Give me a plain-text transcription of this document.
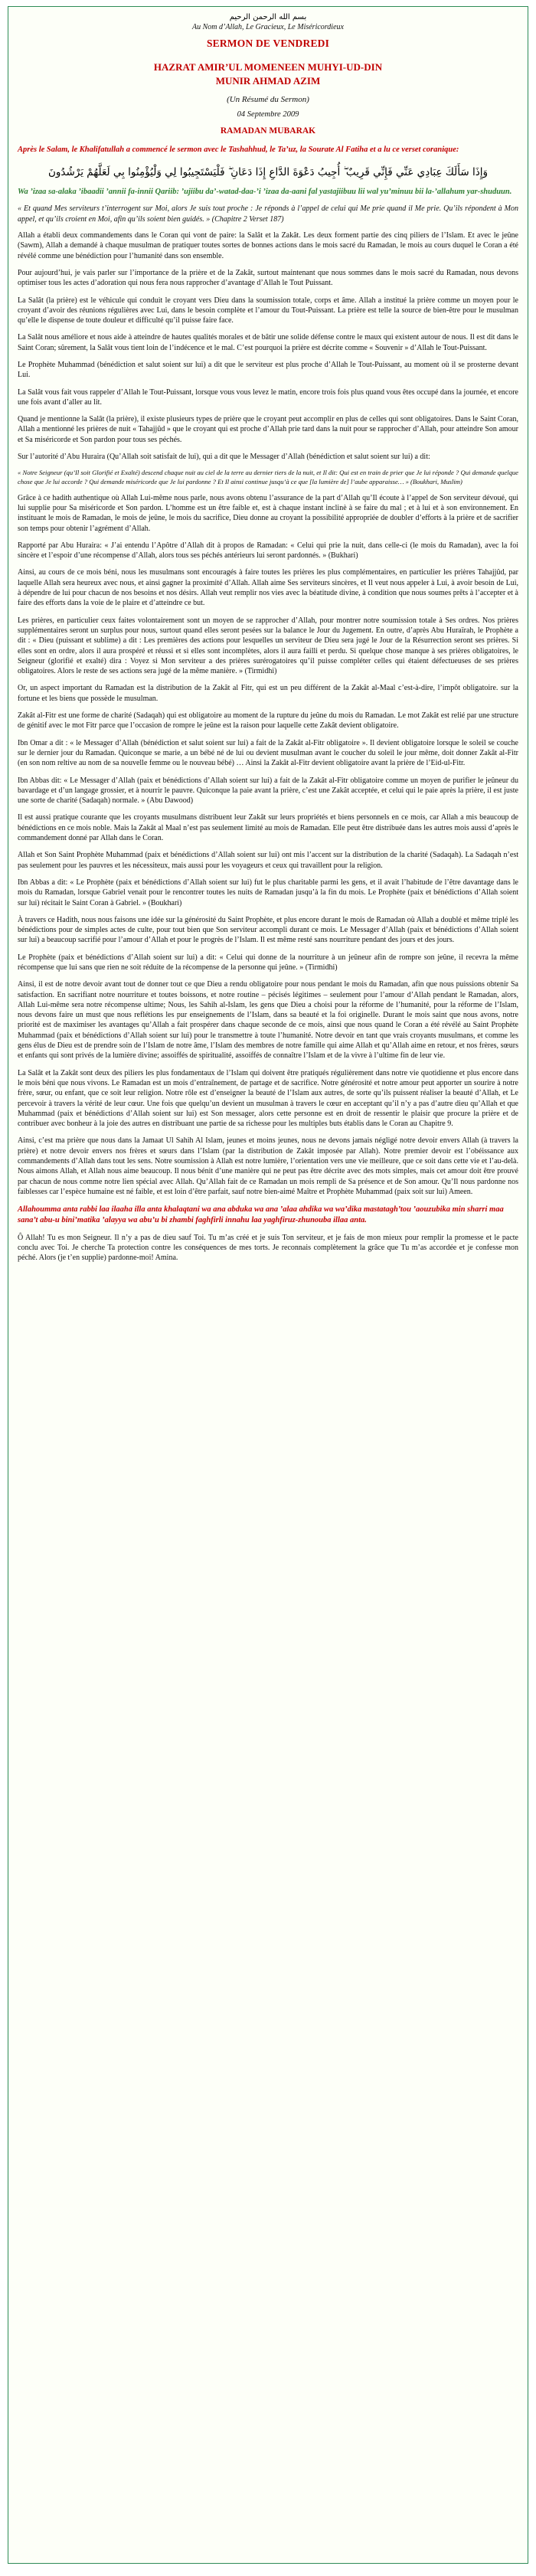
بسم الله الرحمن الرحيم
Au Nom d’Allah, Le Gracieux, Le Miséricordieux
SERMON DE VENDREDI
HAZRAT AMIR’UL MOMENEEN MUHYI-UD-DIN
MUNIR AHMAD AZIM
(Un Résumé du Sermon)
04 Septembre 2009
RAMADAN MUBARAK
Après le Salam, le Khalifatullah a commencé le sermon avec le Tashahhud, le Ta’uz, la Sourate Al Fatiha et a lu ce verset coranique:
وَإِذَا سَأَلَكَ عِبَادِي عَنِّي فَإِنِّي قَرِيبٌ ۖ أُجِيبُ دَعْوَةَ الدَّاعِ إِذَا دَعَانِ ۖ فَلْيَسْتَجِيبُوا لِي وَلْيُؤْمِنُوا بِي لَعَلَّهُمْ يَرْشُدُونَ
Wa ’izaa sa-alaka ’ibaadii ’annii fa-innii Qariib: ’ujiibu da’-watad-daa-’i ’izaa da-aani fal yastajiibuu lii wal yu’minuu bii la-’allahum yar-shuduun.
« Et quand Mes serviteurs t’interrogent sur Moi, alors Je suis tout proche : Je réponds à l’appel de celui qui Me prie quand il Me prie. Qu’ils répondent à Mon appel, et qu’ils croient en Moi, afin qu’ils soient bien guidés. » (Chapitre 2 Verset 187)

Allah a établi deux commandements dans le Coran qui vont de paire: la Salât et la Zakât. Les deux forment partie des cinq piliers de l’Islam. Et avec le jeûne (Sawm), Allah a demandé à chaque musulman de pratiquer toutes sortes de bonnes actions dans le mois sacré du Ramadan, le mois au cours duquel le Coran a été révélé comme une bénédiction pour l’humanité dans son ensemble.

Pour aujourd’hui, je vais parler sur l’importance de la prière et de la Zakât, surtout maintenant que nous sommes dans le mois sacré du Ramadan, nous devons optimiser tous les actes d’adoration qui nous fera nous rapprocher d’avantage d’Allah le Tout Puissant.

La Salât (la prière) est le véhicule qui conduit le croyant vers Dieu dans la soumission totale, corps et âme. Allah a institué la prière comme un moyen pour le croyant d’avoir des réunions régulières avec Lui, dans le besoin complète et l’amour du Tout-Puissant. La prière est telle la source de bien-être pour le musulman qu’elle le dispense de toute douleur et difficulté qu’il puisse faire face.

La Salât nous améliore et nous aide à atteindre de hautes qualités morales et de bâtir une solide défense contre le maux qui existent autour de nous. Il est dit dans le Saint Coran; sûrement, la Salât vous tient loin de l’indécence et le mal. C’est pourquoi la prière est décrite comme « Souvenir » d’Allah le Tout-Puissant.

Le Prophète Muhammad (bénédiction et salut soient sur lui) a dit que le serviteur est plus proche d’Allah le Tout-Puissant, au moment où il se prosterne devant Lui.

La Salât vous fait vous rappeler d’Allah le Tout-Puissant, lorsque vous vous levez le matin, encore trois fois plus quand vous êtes occupé dans la journée, et encore une fois avant d’aller au lit.

Quand je mentionne la Salât (la prière), il existe plusieurs types de prière que le croyant peut accomplir en plus de celles qui sont obligatoires. Dans le Saint Coran, Allah a mentionné les prières de nuit « Tahajjûd » que le croyant qui est proche d’Allah prie tard dans la nuit pour se rapprocher d’Allah, pour atteindre Son amour et Sa miséricorde et Son pardon pour tous ses péchés.

Sur l’autorité d’Abu Huraira (Qu’Allah soit satisfait de lui), qui a dit que le Messager d’Allah (bénédiction et salut soient sur lui) a dit:

« Notre Seigneur (qu’Il soit Glorifié et Exalté) descend chaque nuit au ciel de la terre au dernier tiers de la nuit, et Il dit: Qui est en train de prier que Je lui réponde ? Qui demande quelque chose que Je lui accorde ? Qui demande miséricorde que Je lui pardonne ? Et Il ainsi continue jusqu’à ce que [la lumière de] l’aube apparaisse… » (Boukhari, Muslim)

Grâce à ce hadith authentique où Allah Lui-même nous parle, nous avons obtenu l’assurance de la part d’Allah qu’Il écoute à l’appel de Son serviteur dévoué, qui lui supplie pour Sa miséricorde et Son pardon. L’homme est un être faible et, est à chaque instant inclinè à se faire du mal ; et à lui et à son environnement. En instituant le mois de Ramadan, le mois de jeûne, le mois du sacrifice, Dieu donne au croyant la possibilité appropriée de doubler d’efforts à la prière et de sacrifier son temps pour obtenir l’agrément d’Allah.

Rapporté par Abu Huraira: « J’ai entendu l’Apôtre d’Allah dit à propos de Ramadan: « Celui qui prie la nuit, dans celle-ci (le mois du Ramadan), avec la foi sincère et l’espoir d’une récompense d’Allah, alors tous ses péchés antérieurs lui seront pardonnés. » (Bukhari)

Ainsi, au cours de ce mois béni, nous les musulmans sont encouragés à faire toutes les prières les plus complémentaires, en particulier les prières Tahajjûd, par laquelle Allah sera heureux avec nous, et ainsi gagner la proximité d’Allah. Allah aime Ses serviteurs sincères, et Il veut nous appeler à Lui, à avoir besoin de Lui, à dépendre de lui pour chacun de nos besoins et nos désirs. Allah veut remplir nos vies avec la béatitude divine, à condition que nous soumes prêts à l’accepter et à faire des efforts dans la voie de le plaire et d’atteindre ce but.

Les prières, en particulier ceux faites volontairement sont un moyen de se rapprocher d’Allah, pour montrer notre soumission totale à Ses ordres. Nos prières supplémentaires seront un surplus pour nous, surtout quand elles seront pesées sur la balance le Jour du Jugement. En outre, d’après Abu Huraïrah, le Prophète a dit : « Dieu (puissant et sublime) a dit : Les premières des actions pour lesquelles un serviteur de Dieu sera jugé le Jour de la Résurrection seront ses prières. Si elles sont en ordre, alors il aura prospéré et réussi et si elles sont incomplètes, alors il aura failli et perdu. Si quelque chose manque à ses prières obligatoires, le Seigneur (glorifié et exalté) dira : Voyez si Mon serviteur a des prières surérogatoires qu’il puisse compléter celles qui étaient défectueuses de ses prières obligatoires. Alors le reste de ses actions sera jugé de la même manière. » (Tirmidhi)

Or, un aspect important du Ramadan est la distribution de la Zakât al Fitr, qui est un peu différent de la Zakât al-Maal c’est-à-dire, l’impôt obligatoire. sur la fortune et les biens que possède le musulman.

Zakât al-Fitr est une forme de charité (Sadaqah) qui est obligatoire au moment de la rupture du jeûne du mois du Ramadan. Le mot Zakât est relié par une structure de génitif avec le mot Fitr parce que l’occasion de rompre le jeûne est la raison pour laquelle cette Zakât devient obligatoire.

Ibn Omar a dit : « le Messager d’Allah (bénédiction et salut soient sur lui) a fait de la Zakât al-Fitr obligatoire ». Il devient obligatoire lorsque le soleil se couche sur le dernier jour du Ramadan. Quiconque se marie, a un bébé né de lui ou devient musulman avant le coucher du soleil le jour même, doit donner Zakât al-Fitr (en son nom reltive au nom de sa nouvelle femme ou le nouveau bébé) … Ainsi la Zakât al-Fitr devient obligatoire avant la prière de l’Eid-ul-Fitr.

Ibn Abbas dit: « Le Messager d’Allah (paix et bénédictions d’Allah soient sur lui) a fait de la Zakât al-Fitr obligatoire comme un moyen de purifier le jeûneur du bavardage et d’un langage grossier, et à nourrir le pauvre. Quiconque la paie avant la prière, c’est une Zakât acceptée, et celui qui le paie après la prière, il est juste une sorte de charité (Sadaqah) normale. » (Abu Dawood)

Il est aussi pratique courante que les croyants musulmans distribuent leur Zakât sur leurs propriétés et biens personnels en ce mois, car Allah a mis beaucoup de bénédictions en ce mois noble. Mais la Zakât al Maal n’est pas seulement limité au mois de Ramadan. Elle peut être distribuée dans les autres mois aussi d’après le commandement donné par Allah dans le Coran.

Allah et Son Saint Prophète Muhammad (paix et bénédictions d’Allah soient sur lui) ont mis l’accent sur la distribution de la charité (Sadaqah). La Sadaqah n’est pas seulement pour les pauvres et les nécessiteux, mais aussi pour les voyageurs et ceux qui travaillent pour la religion.

Ibn Abbas a dit: « Le Prophète (paix et bénédictions d’Allah soient sur lui) fut le plus charitable parmi les gens, et il avait l’habitude de l’être davantage dans le mois du Ramadan, lorsque Gabriel venait pour le rencontrer toutes les nuits de Ramadan jusqu’à la fin du mois. Le Prophète (paix et bénédictions d’Allah soient sur lui) récitait le Saint Coran à Gabriel. » (Boukhari)

À travers ce Hadith, nous nous faisons une idée sur la générosité du Saint Prophète, et plus encore durant le mois de Ramadan où Allah a doublé et même triplé les bénédictions pour de simples actes de culte, pour tout bien que Son serviteur accompli durant ce mois. Le Messager d’Allah (paix et bénédictions d’Allah soient sur lui) a beaucoup sacrifié pour l’amour d’Allah et pour le progrès de l’Islam. Il est même resté sans nourriture pendant des jours et des jours.

Le Prophète (paix et bénédictions d’Allah soient sur lui) a dit: « Celui qui donne de la nourriture à un jeûneur afin de rompre son jeûne, il recevra la même récompense que lui sans que rien ne soit réduite de la récompense de la personne qui jeûne. » (Tirmidhi)

Ainsi, il est de notre devoir avant tout de donner tout ce que Dieu a rendu obligatoire pour nous pendant le mois du Ramadan, afin que nous puissions obtenir Sa satisfaction. En sacrifiant notre nourriture et toutes boissons, et notre routine – pécisés légitimes – seulement pour l’amour d’Allah pendant le Ramadan, alors, Allah Lui-même sera notre récompense ultime; Nous, les Sahih al-Islam, les gens que Dieu a choisi pour la réforme de l’humanité, pour la réforme de l’Islam, nous devons faire un must que nous reflétions les pur enseignements de l’Islam, dans sa beauté et la foi originelle. Durant le mois saint que nous avons, notre priorité est de maximiser les avantages qu’Allah a fait prospérer dans chaque seconde de ce mois, ainsi que nous quand le Coran a été révélé au Saint Prophète Muhammad (paix et bénédictions d’Allah soient sur lui) pour le transmettre à toute l’humanité. Notre devoir en tant que vrais croyants musulmans, et comme les gens élus de Dieu est de prendre soin de l’Islam de notre âme, l’Islam des membres de notre famille qui aime Allah et qu’Allah aime en retour, et nos frères, sœurs et enfants qui sont privés de la lumière divine; assoiffés de spiritualité, assoiffés de connaître l’Islam et de la vivre à l’ultime fin de leur vie.

La Salât et la Zakât sont deux des piliers les plus fondamentaux de l’Islam qui doivent être pratiqués régulièrement dans notre vie quotidienne et plus encore dans le mois béni que nous vivons. Le Ramadan est un mois d’entraînement, de partage et de sacrifice. Notre générosité et notre amour peut apporter un sourire à notre frère, sœur, ou enfant, que ce soit leur religion. Notre rôle est d’enseigner la beauté de l’Islam aux autres, de sorte qu’ils puissent réaliser la beauté d’Allah, et Le percevoir à travers la vérité de leur cœur. Une fois que quelqu’un devient un musulman à travers le cœur en acceptant qu’il n’y a pas d’autre dieu qu’Allah et que Muhammad (paix et bénédictions d’Allah soient sur lui) est Son messager, alors cette personne est en droit de ressentir le plaisir que procure la prière et de contribuer avec bonheur à la joie des autres en distribuant une partie de sa richesse pour les multiples buts établis dans le Coran au Chapitre 9.

Ainsi, c’est ma prière que nous dans la Jamaat Ul Sahih Al Islam, jeunes et moins jeunes, nous ne devons jamais négligé notre devoir envers Allah (à travers la prière) et notre devoir envers nos frères et sœurs dans l’Islam (par la distribution de Zakât imposée par Allah). Notre premier devoir est l’obéissance aux commandements d’Allah dans tout les sens. Notre soumission à Allah est notre lumière, l’orientation vers une vie meilleure, que ce soit dans cette vie et l’au-delà. Nous aimons Allah, et Allah nous aime beaucoup. Il nous bénit d’une manière qui ne peut pas être décrite avec des mots simples, mais cet amour doit être prouvé par chacun de nous comme notre lien spécial avec Allah. Qu’Allah fait de ce Ramadan un mois rempli de Sa présence et de Son amour. Qu’Il nous pardonne nos faiblesses car l’espèce humaine est né faible, et est loin d’être parfait, sauf notre bien-aimé Maître et Prophète Muhammad (paix soit sur lui) Ameen.

Allahoumma anta rabbi laa ilaaha illa anta khalaqtani wa ana abduka wa ana ’alaa ahdika wa wa’dika mastatagh’tou ’aouzubika min sharri maa sana’t abu-u bini’matika ’alayya wa abu’u bi zhambi faghfirli innahu laa yaghfiruz-zhunouba illaa anta.

Ô Allah! Tu es mon Seigneur. Il n’y a pas de dieu sauf Toi. Tu m’as créé et je suis Ton serviteur, et je fais de mon mieux pour remplir la promesse et le pacte conclu avec Toi. Je cherche Ta protection contre les conséquences de mes torts. Je reconnais complètement la grâce que Tu m’as accordée et je confesse mon péché. Alors (je t’en supplie) pardonne-moi! Amina.
